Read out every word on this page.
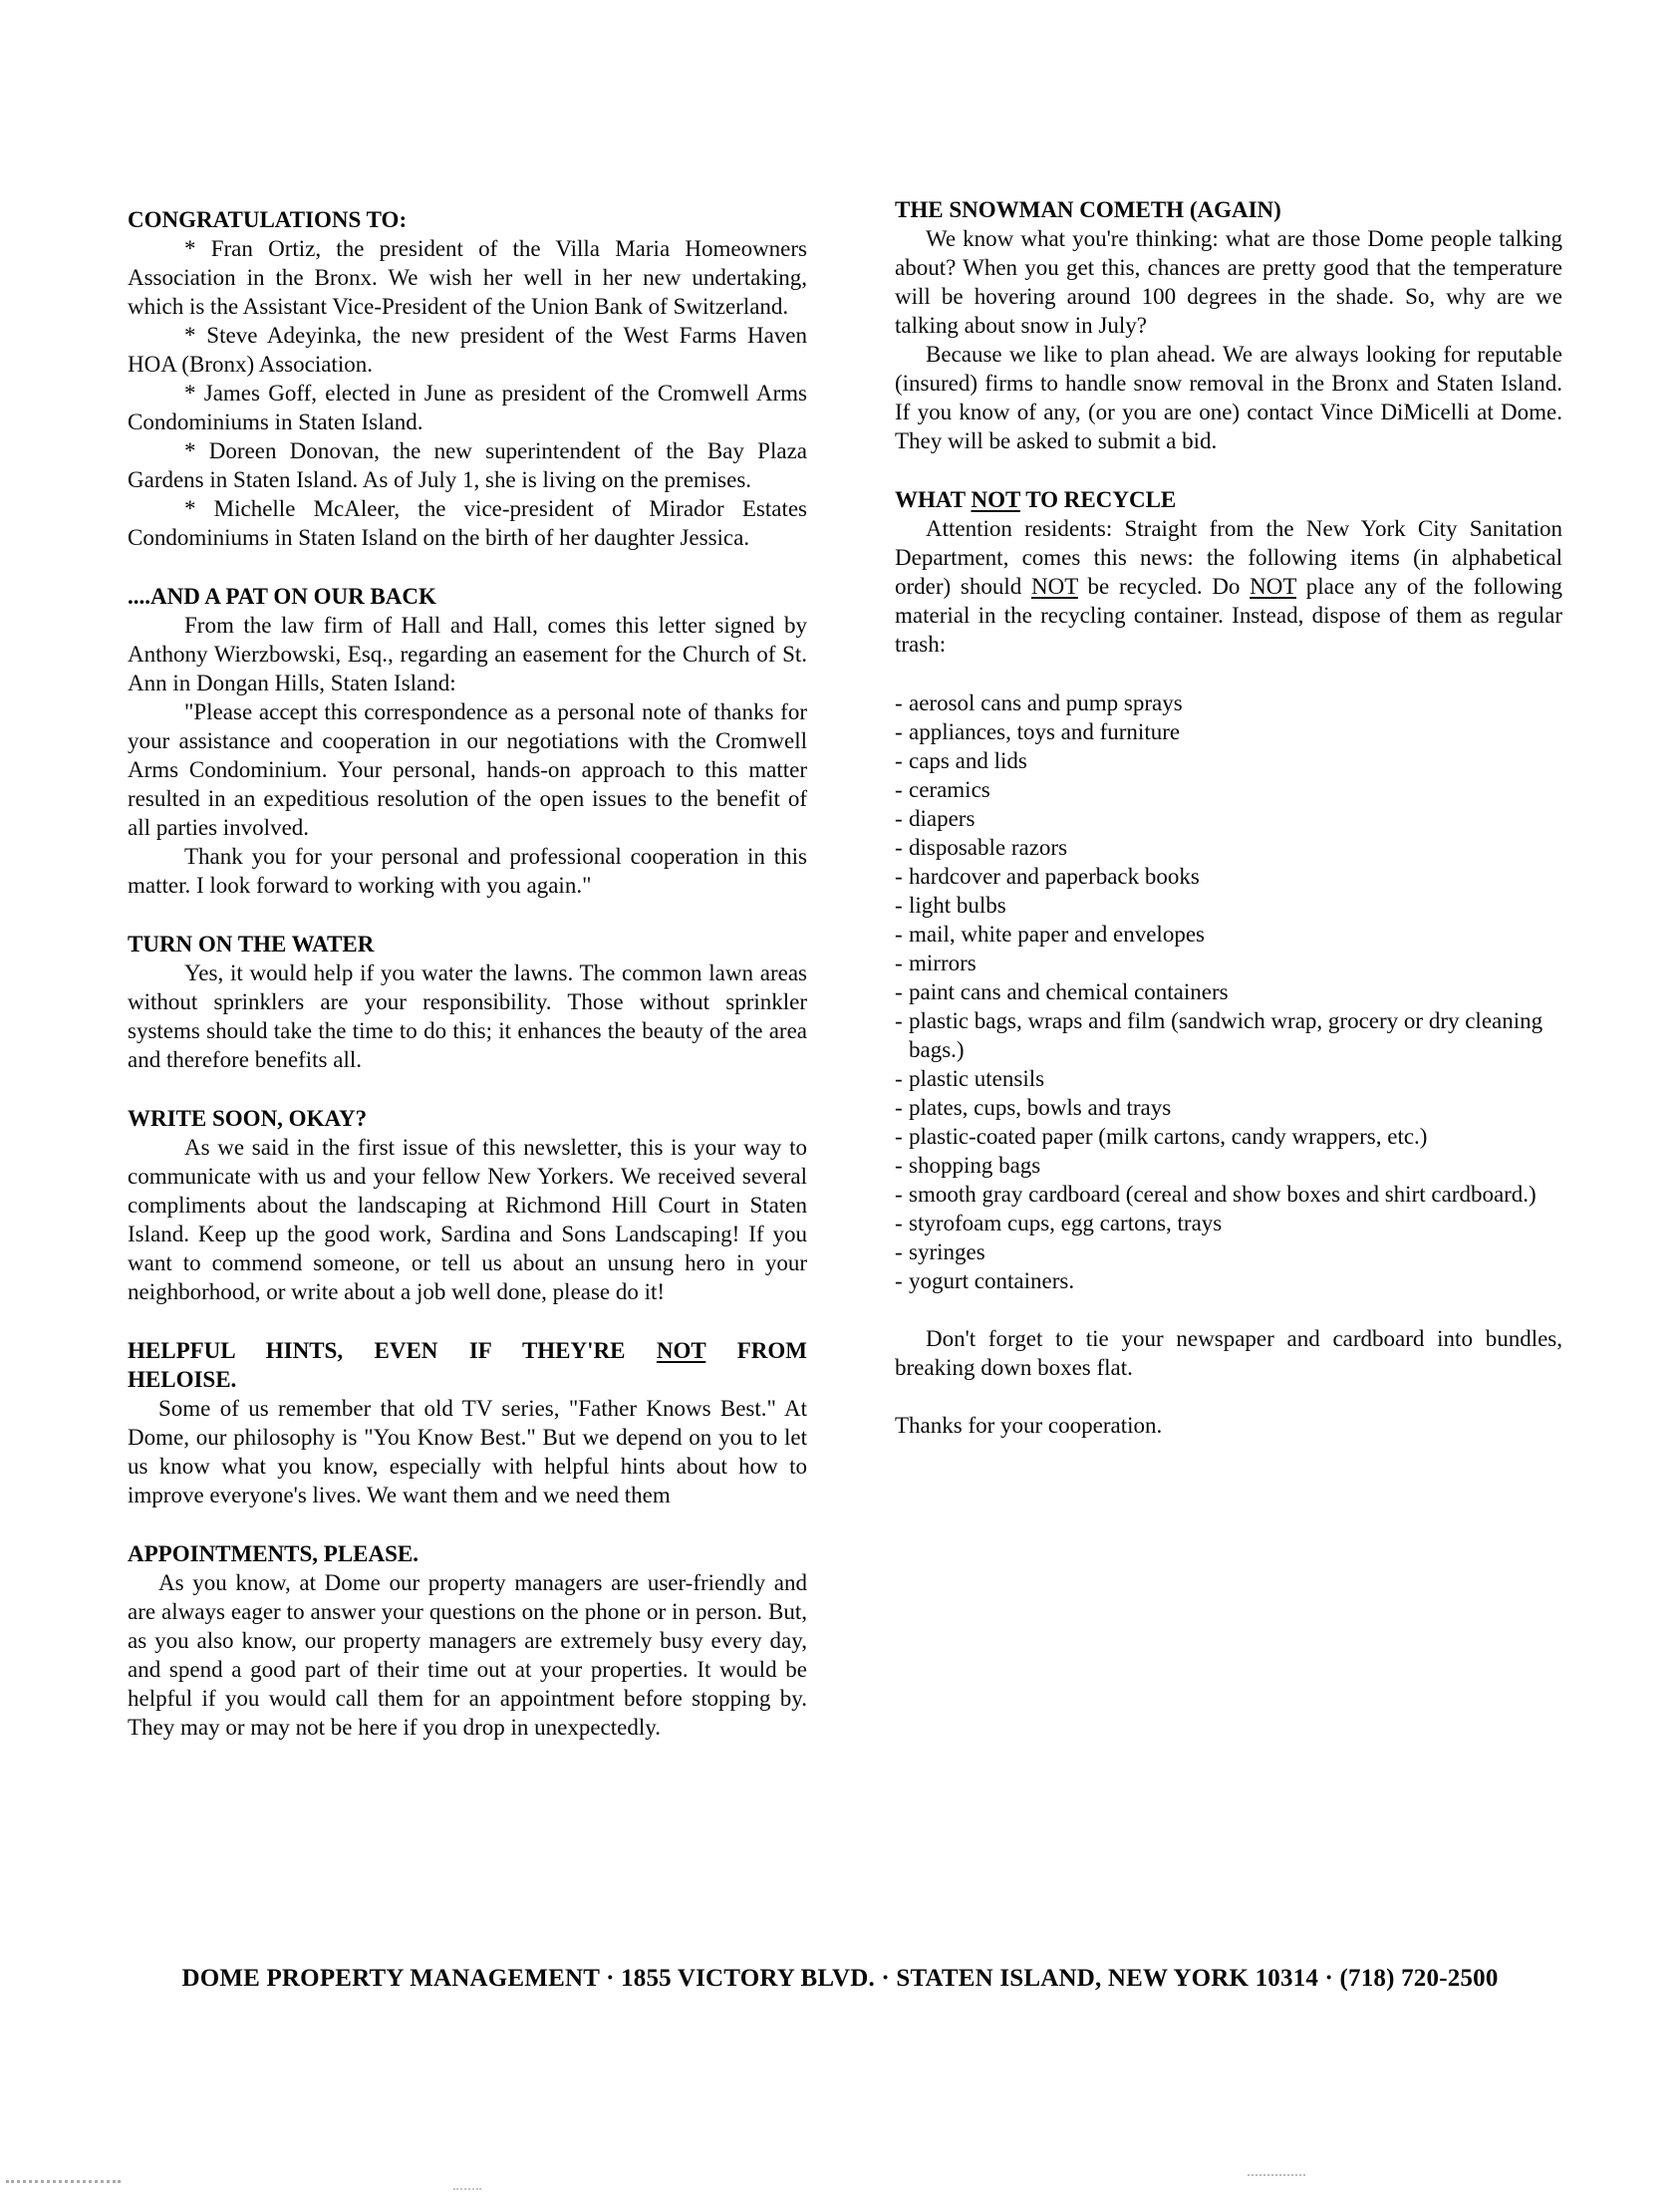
CONGRATULATIONS TO:

* Fran Ortiz, the president of the Villa Maria Homeowners Association in the Bronx. We wish her well in her new undertaking, which is the Assistant Vice-President of the Union Bank of Switzerland.

* Steve Adeyinka, the new president of the West Farms Haven HOA (Bronx) Association.

* James Goff, elected in June as president of the Cromwell Arms Condominiums in Staten Island.

* Doreen Donovan, the new superintendent of the Bay Plaza Gardens in Staten Island. As of July 1, she is living on the premises.

* Michelle McAleer, the vice-president of Mirador Estates Condominiums in Staten Island on the birth of her daughter Jessica.

....AND A PAT ON OUR BACK

From the law firm of Hall and Hall, comes this letter signed by Anthony Wierzbowski, Esq., regarding an easement for the Church of St. Ann in Dongan Hills, Staten Island:

"Please accept this correspondence as a personal note of thanks for your assistance and cooperation in our negotiations with the Cromwell Arms Condominium. Your personal, hands-on approach to this matter resulted in an expeditious resolution of the open issues to the benefit of all parties involved.

Thank you for your personal and professional cooperation in this matter. I look forward to working with you again."

TURN ON THE WATER

Yes, it would help if you water the lawns. The common lawn areas without sprinklers are your responsibility. Those without sprinkler systems should take the time to do this; it enhances the beauty of the area and therefore benefits all.

WRITE SOON, OKAY?

As we said in the first issue of this newsletter, this is your way to communicate with us and your fellow New Yorkers. We received several compliments about the landscaping at Richmond Hill Court in Staten Island. Keep up the good work, Sardina and Sons Landscaping! If you want to commend someone, or tell us about an unsung hero in your neighborhood, or write about a job well done, please do it!

HELPFUL HINTS, EVEN IF THEY'RE NOT FROM
HELOISE.

Some of us remember that old TV series, "Father Knows Best." At Dome, our philosophy is "You Know Best." But we depend on you to let us know what you know, especially with helpful hints about how to improve everyone's lives. We want them and we need them

APPOINTMENTS, PLEASE.

As you know, at Dome our property managers are user-friendly and are always eager to answer your questions on the phone or in person. But, as you also know, our property managers are extremely busy every day, and spend a good part of their time out at your properties. It would be helpful if you would call them for an appointment before stopping by. They may or may not be here if you drop in unexpectedly.

THE SNOWMAN COMETH (AGAIN)

We know what you're thinking: what are those Dome people talking about? When you get this, chances are pretty good that the temperature will be hovering around 100 degrees in the shade. So, why are we talking about snow in July?

Because we like to plan ahead. We are always looking for reputable (insured) firms to handle snow removal in the Bronx and Staten Island. If you know of any, (or you are one) contact Vince DiMicelli at Dome. They will be asked to submit a bid.

WHAT NOT TO RECYCLE

Attention residents: Straight from the New York City Sanitation Department, comes this news: the following items (in alphabetical order) should NOT be recycled. Do NOT place any of the following material in the recycling container. Instead, dispose of them as regular trash:

- aerosol cans and pump sprays
- appliances, toys and furniture
- caps and lids
- ceramics
- diapers
- disposable razors
- hardcover and paperback books
- light bulbs
- mail, white paper and envelopes
- mirrors
- paint cans and chemical containers
- plastic bags, wraps and film (sandwich wrap, grocery or dry cleaning bags.)
- plastic utensils
- plates, cups, bowls and trays
- plastic-coated paper (milk cartons, candy wrappers, etc.)
- shopping bags
- smooth gray cardboard (cereal and show boxes and shirt cardboard.)
- styrofoam cups, egg cartons, trays
- syringes
- yogurt containers.

Don't forget to tie your newspaper and cardboard into bundles, breaking down boxes flat.

Thanks for your cooperation.

DOME PROPERTY MANAGEMENT · 1855 VICTORY BLVD. · STATEN ISLAND, NEW YORK 10314 · (718) 720-2500
